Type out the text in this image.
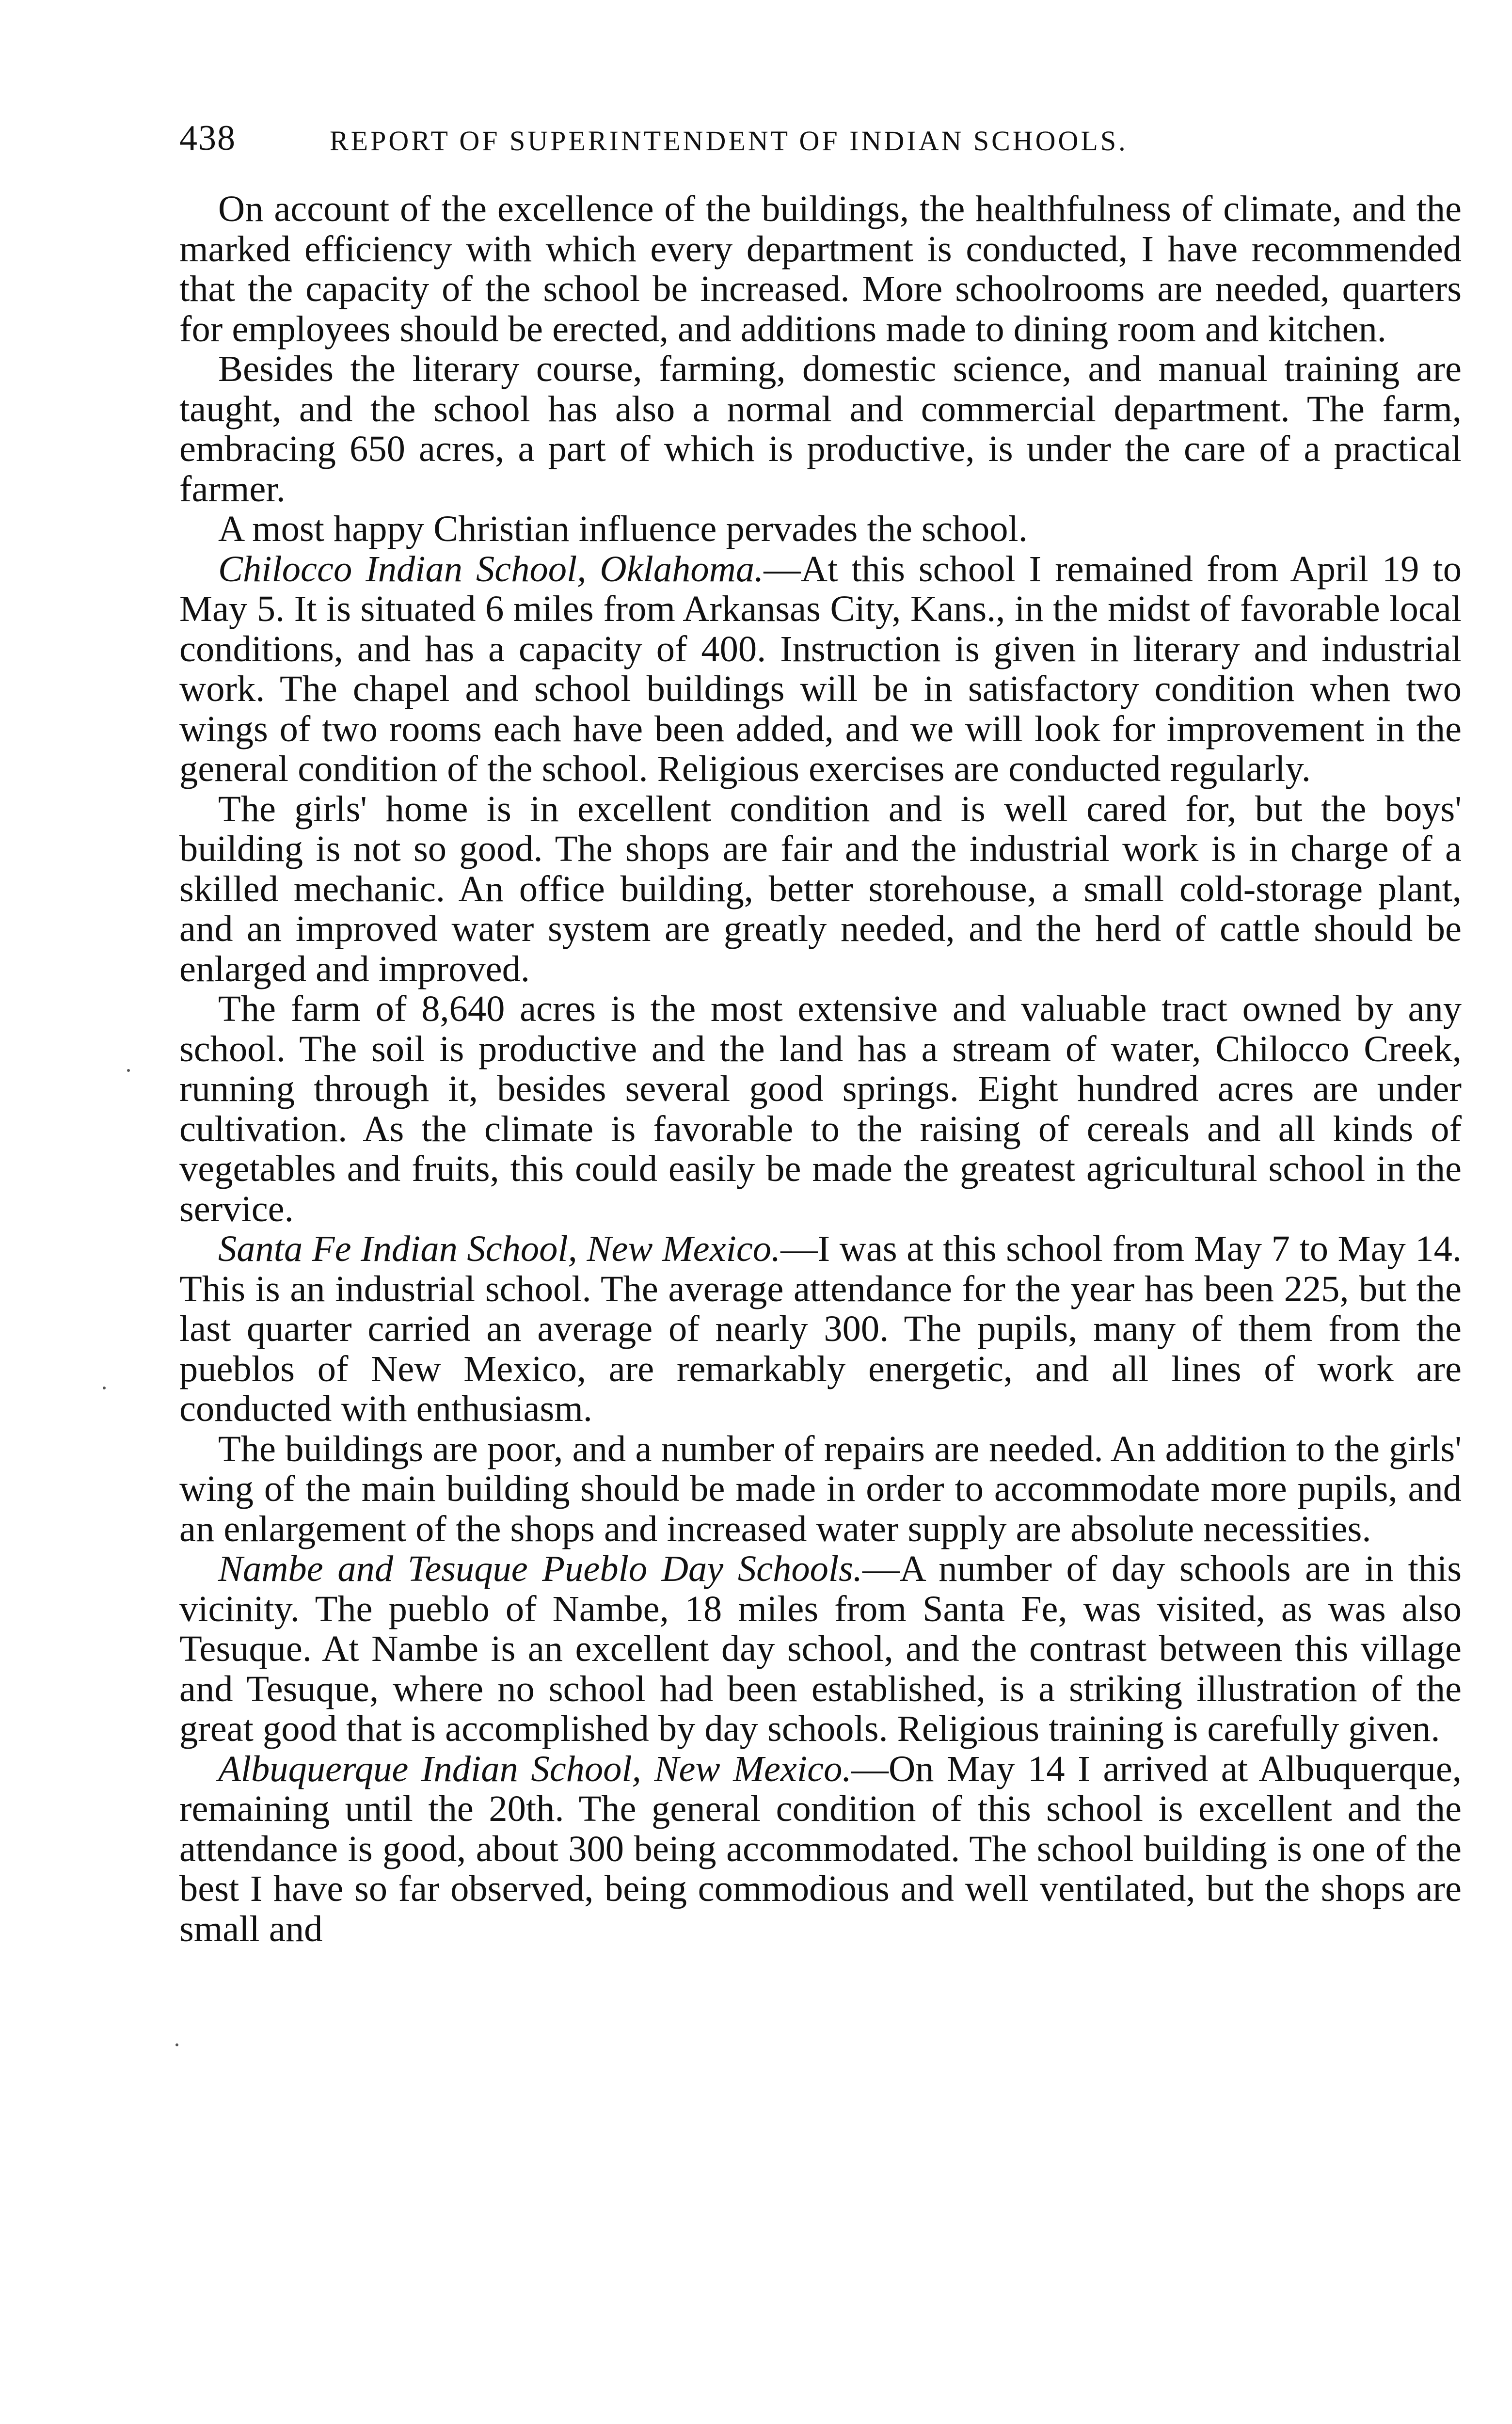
438	REPORT OF SUPERINTENDENT OF INDIAN SCHOOLS.

On account of the excellence of the buildings, the healthfulness of climate, and the marked efficiency with which every department is conducted, I have recommended that the capacity of the school be increased. More schoolrooms are needed, quarters for employees should be erected, and additions made to dining room and kitchen.

Besides the literary course, farming, domestic science, and manual training are taught, and the school has also a normal and commercial department. The farm, embracing 650 acres, a part of which is productive, is under the care of a practical farmer.

A most happy Christian influence pervades the school.

Chilocco Indian School, Oklahoma.—At this school I remained from April 19 to May 5. It is situated 6 miles from Arkansas City, Kans., in the midst of favorable local conditions, and has a capacity of 400. Instruction is given in literary and industrial work. The chapel and school buildings will be in satisfactory condition when two wings of two rooms each have been added, and we will look for improvement in the general condition of the school. Religious exercises are conducted regularly.

The girls' home is in excellent condition and is well cared for, but the boys' building is not so good. The shops are fair and the industrial work is in charge of a skilled mechanic. An office building, better storehouse, a small cold-storage plant, and an improved water system are greatly needed, and the herd of cattle should be enlarged and improved.

The farm of 8,640 acres is the most extensive and valuable tract owned by any school. The soil is productive and the land has a stream of water, Chilocco Creek, running through it, besides several good springs. Eight hundred acres are under cultivation. As the climate is favorable to the raising of cereals and all kinds of vegetables and fruits, this could easily be made the greatest agricultural school in the service.

Santa Fe Indian School, New Mexico.—I was at this school from May 7 to May 14. This is an industrial school. The average attendance for the year has been 225, but the last quarter carried an average of nearly 300. The pupils, many of them from the pueblos of New Mexico, are remarkably energetic, and all lines of work are conducted with enthusiasm.

The buildings are poor, and a number of repairs are needed. An addition to the girls' wing of the main building should be made in order to accommodate more pupils, and an enlargement of the shops and increased water supply are absolute necessities.

Nambe and Tesuque Pueblo Day Schools.—A number of day schools are in this vicinity. The pueblo of Nambe, 18 miles from Santa Fe, was visited, as was also Tesuque. At Nambe is an excellent day school, and the contrast between this village and Tesuque, where no school had been established, is a striking illustration of the great good that is accomplished by day schools. Religious training is carefully given.

Albuquerque Indian School, New Mexico.—On May 14 I arrived at Albuquerque, remaining until the 20th. The general condition of this school is excellent and the attendance is good, about 300 being accommodated. The school building is one of the best I have so far observed, being commodious and well ventilated, but the shops are small and
